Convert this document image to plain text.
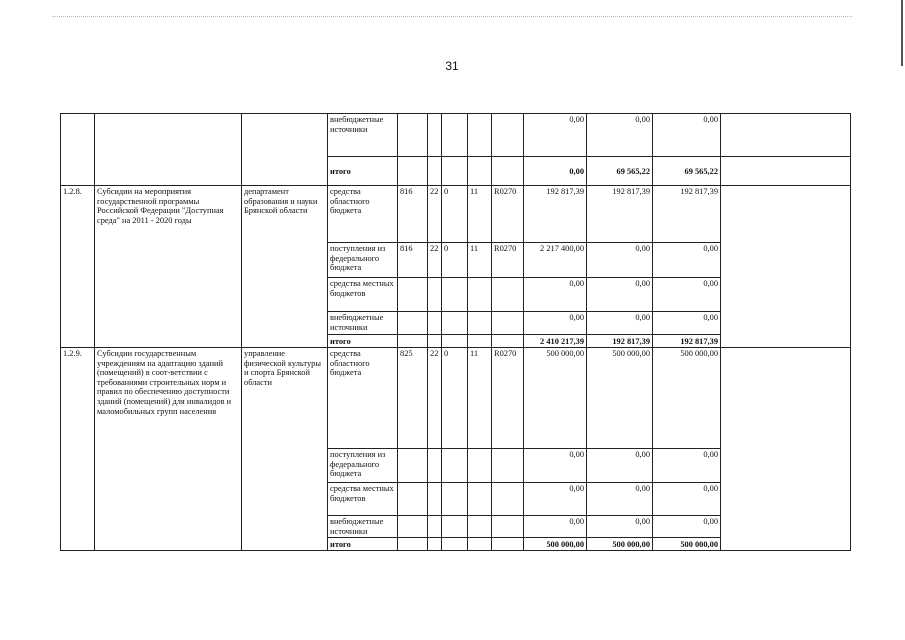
31
			внебюджетные источники						0,00	0,00	0,00	
			итого						0,00	69 565,22	69 565,22	
1.2.8.	Субсидии на мероприятия государственной программы Российской Федерации "Доступная среда" на 2011 - 2020 годы	департамент образования и науки Брянской области	средства областного бюджета	816	22	0	11	R0270	192 817,39	192 817,39	192 817,39	
			поступления из федерального бюджета	816	22	0	11	R0270	2 217 400,00	0,00	0,00	
			средства местных бюджетов						0,00	0,00	0,00	
			внебюджетные источники						0,00	0,00	0,00	
			итого						2 410 217,39	192 817,39	192 817,39	
1.2.9.	Субсидии государственным учреждениям на адаптацию зданий (помещений) в соот-ветствии с требованиями строительных норм и правил по обеспечению доступности зданий (помещений) для инвалидов и маломобильных групп населения	управление физической культуры и спорта Брянской области	средства областного бюджета	825	22	0	11	R0270	500 000,00	500 000,00	500 000,00	
			поступления из федерального бюджета						0,00	0,00	0,00	
			средства местных бюджетов						0,00	0,00	0,00	
			внебюджетные источники						0,00	0,00	0,00	
			итого						500 000,00	500 000,00	500 000,00	
